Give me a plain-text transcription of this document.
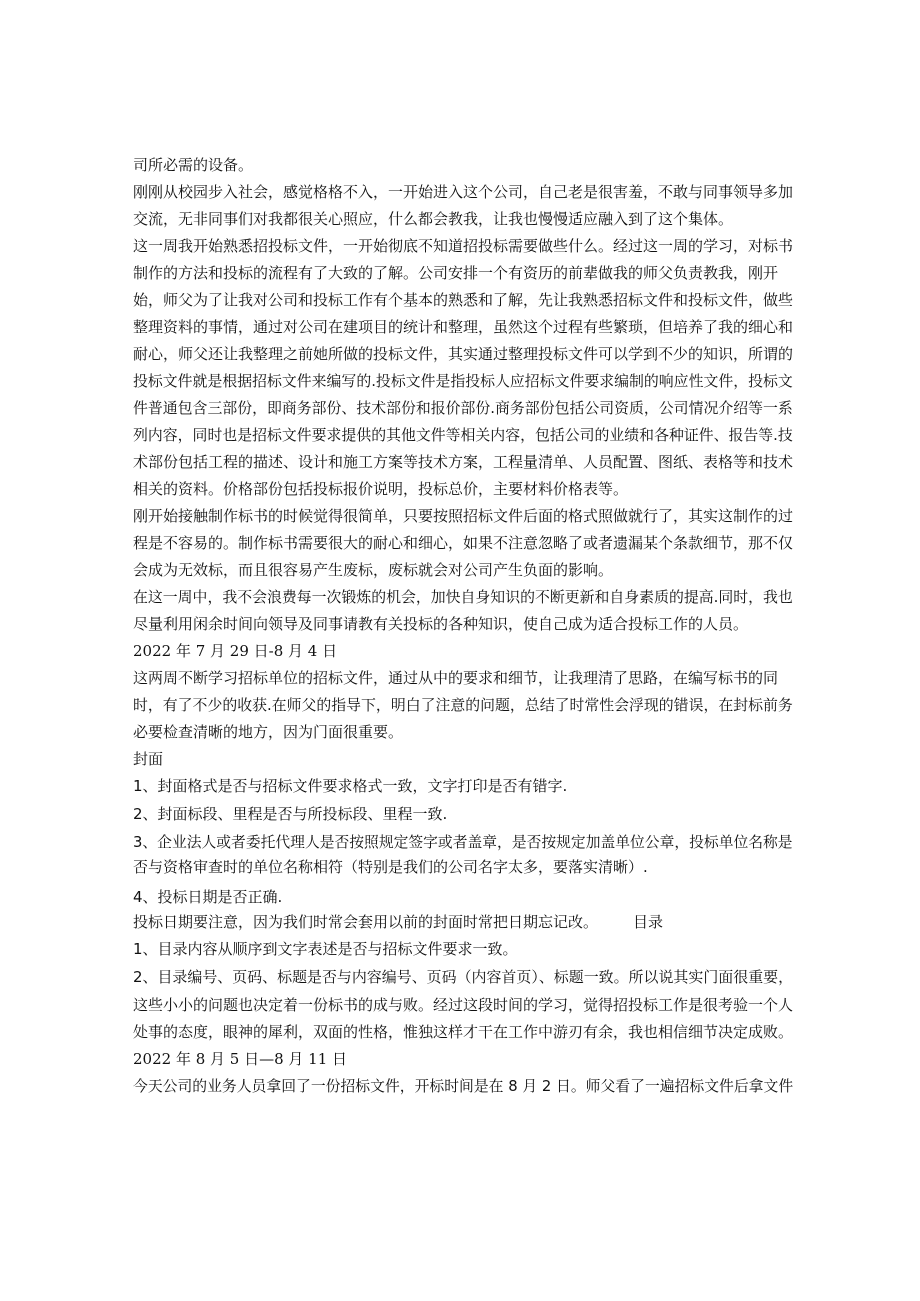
司所必需的设备。
刚刚从校园步入社会，感觉格格不入，一开始进入这个公司，自己老是很害羞，不敢与同事领导多加
交流，无非同事们对我都很关心照应，什么都会教我，让我也慢慢适应融入到了这个集体。
这一周我开始熟悉招投标文件，一开始彻底不知道招投标需要做些什么。经过这一周的学习，对标书
制作的方法和投标的流程有了大致的了解。公司安排一个有资历的前辈做我的师父负责教我，刚开
始，师父为了让我对公司和投标工作有个基本的熟悉和了解，先让我熟悉招标文件和投标文件，做些
整理资料的事情，通过对公司在建项目的统计和整理，虽然这个过程有些繁琐，但培养了我的细心和
耐心，师父还让我整理之前她所做的投标文件，其实通过整理投标文件可以学到不少的知识，所谓的
投标文件就是根据招标文件来编写的.投标文件是指投标人应招标文件要求编制的响应性文件，投标文
件普通包含三部份，即商务部份、技术部份和报价部份.商务部份包括公司资质，公司情况介绍等一系
列内容，同时也是招标文件要求提供的其他文件等相关内容，包括公司的业绩和各种证件、报告等.技
术部份包括工程的描述、设计和施工方案等技术方案，工程量清单、人员配置、图纸、表格等和技术
相关的资料。价格部份包括投标报价说明，投标总价，主要材料价格表等。
刚开始接触制作标书的时候觉得很简单，只要按照招标文件后面的格式照做就行了，其实这制作的过
程是不容易的。制作标书需要很大的耐心和细心，如果不注意忽略了或者遗漏某个条款细节，那不仅
会成为无效标，而且很容易产生废标，废标就会对公司产生负面的影响。
在这一周中，我不会浪费每一次锻炼的机会，加快自身知识的不断更新和自身素质的提高.同时，我也
尽量利用闲余时间向领导及同事请教有关投标的各种知识，使自己成为适合投标工作的人员。
2022 年 7 月 29 日-8 月 4 日
这两周不断学习招标单位的招标文件，通过从中的要求和细节，让我理清了思路，在编写标书的同
时，有了不少的收获.在师父的指导下，明白了注意的问题，总结了时常性会浮现的错误，在封标前务
必要检查清晰的地方，因为门面很重要。
封面
1、封面格式是否与招标文件要求格式一致，文字打印是否有错字.
2、封面标段、里程是否与所投标段、里程一致.
3、企业法人或者委托代理人是否按照规定签字或者盖章，是否按规定加盖单位公章，投标单位名称是
否与资格审查时的单位名称相符（特别是我们的公司名字太多，要落实清晰）.
4、投标日期是否正确.
投标日期要注意，因为我们时常会套用以前的封面时常把日期忘记改。	目录
1、目录内容从顺序到文字表述是否与招标文件要求一致。
2、目录编号、页码、标题是否与内容编号、页码（内容首页）、标题一致。所以说其实门面很重要，
这些小小的问题也决定着一份标书的成与败。经过这段时间的学习，觉得招投标工作是很考验一个人
处事的态度，眼神的犀利，双面的性格，惟独这样才干在工作中游刃有余，我也相信细节决定成败。
2022 年 8 月 5 日—8 月 11 日
今天公司的业务人员拿回了一份招标文件，开标时间是在 8 月 2 日。师父看了一遍招标文件后拿文件
